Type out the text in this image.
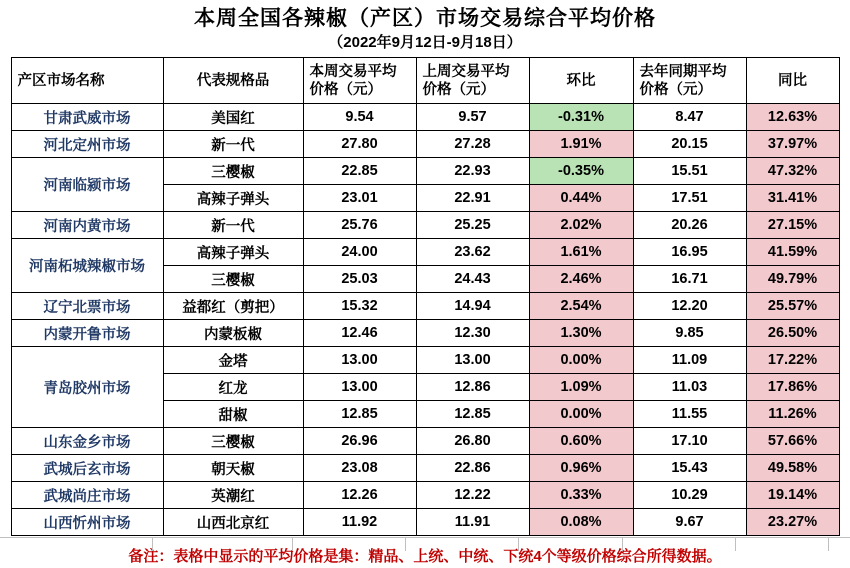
本周全国各辣椒（产区）市场交易综合平均价格
（2022年9月12日-9月18日）
产区市场名称	代表规格品	本周交易平均价格（元）	上周交易平均价格（元）	环比	去年同期平均价格（元）	同比

甘肃武威市场	美国红	9.54	9.57	-0.31%	8.47	12.63%
河北定州市场	新一代	27.80	27.28	1.91%	20.15	37.97%
河南临颍市场	三樱椒	22.85	22.93	-0.35%	15.51	47.32%
	高辣子弹头	23.01	22.91	0.44%	17.51	31.41%
河南内黄市场	新一代	25.76	25.25	2.02%	20.26	27.15%
河南柘城辣椒市场	高辣子弹头	24.00	23.62	1.61%	16.95	41.59%
	三樱椒	25.03	24.43	2.46%	16.71	49.79%
辽宁北票市场	益都红（剪把）	15.32	14.94	2.54%	12.20	25.57%
内蒙开鲁市场	内蒙板椒	12.46	12.30	1.30%	9.85	26.50%
青岛胶州市场	金塔	13.00	13.00	0.00%	11.09	17.22%
	红龙	13.00	12.86	1.09%	11.03	17.86%
	甜椒	12.85	12.85	0.00%	11.55	11.26%
山东金乡市场	三樱椒	26.96	26.80	0.60%	17.10	57.66%
武城后玄市场	朝天椒	23.08	22.86	0.96%	15.43	49.58%
武城尚庄市场	英潮红	12.26	12.22	0.33%	10.29	19.14%
山西忻州市场	山西北京红	11.92	11.91	0.08%	9.67	23.27%
备注：表格中显示的平均价格是集：精品、上统、中统、下统4个等级价格综合所得数据。
